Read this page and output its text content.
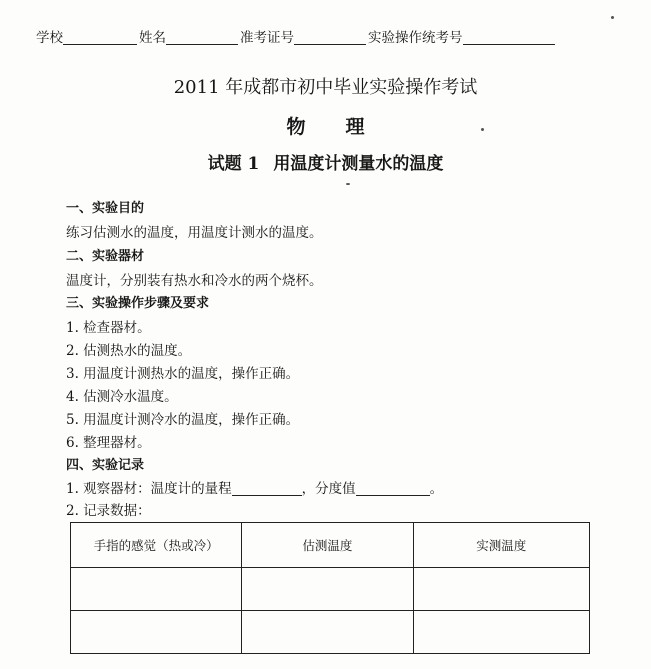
学校	姓名	准考证号	实验操作统考号
2011 年成都市初中毕业实验操作考试
物理
试题 1 用温度计测量水的温度
一、实验目的
练习估测水的温度，用温度计测水的温度。
二、实验器材
温度计，分别装有热水和冷水的两个烧杯。
三、实验操作步骤及要求
1. 检查器材。
2. 估测热水的温度。
3. 用温度计测热水的温度，操作正确。
4. 估测冷水温度。
5. 用温度计测冷水的温度，操作正确。
6. 整理器材。
四、实验记录
1. 观察器材：温度计的量程	，分度值	。
2. 记录数据：
手指的感觉（热或冷）	估测温度	实测温度
